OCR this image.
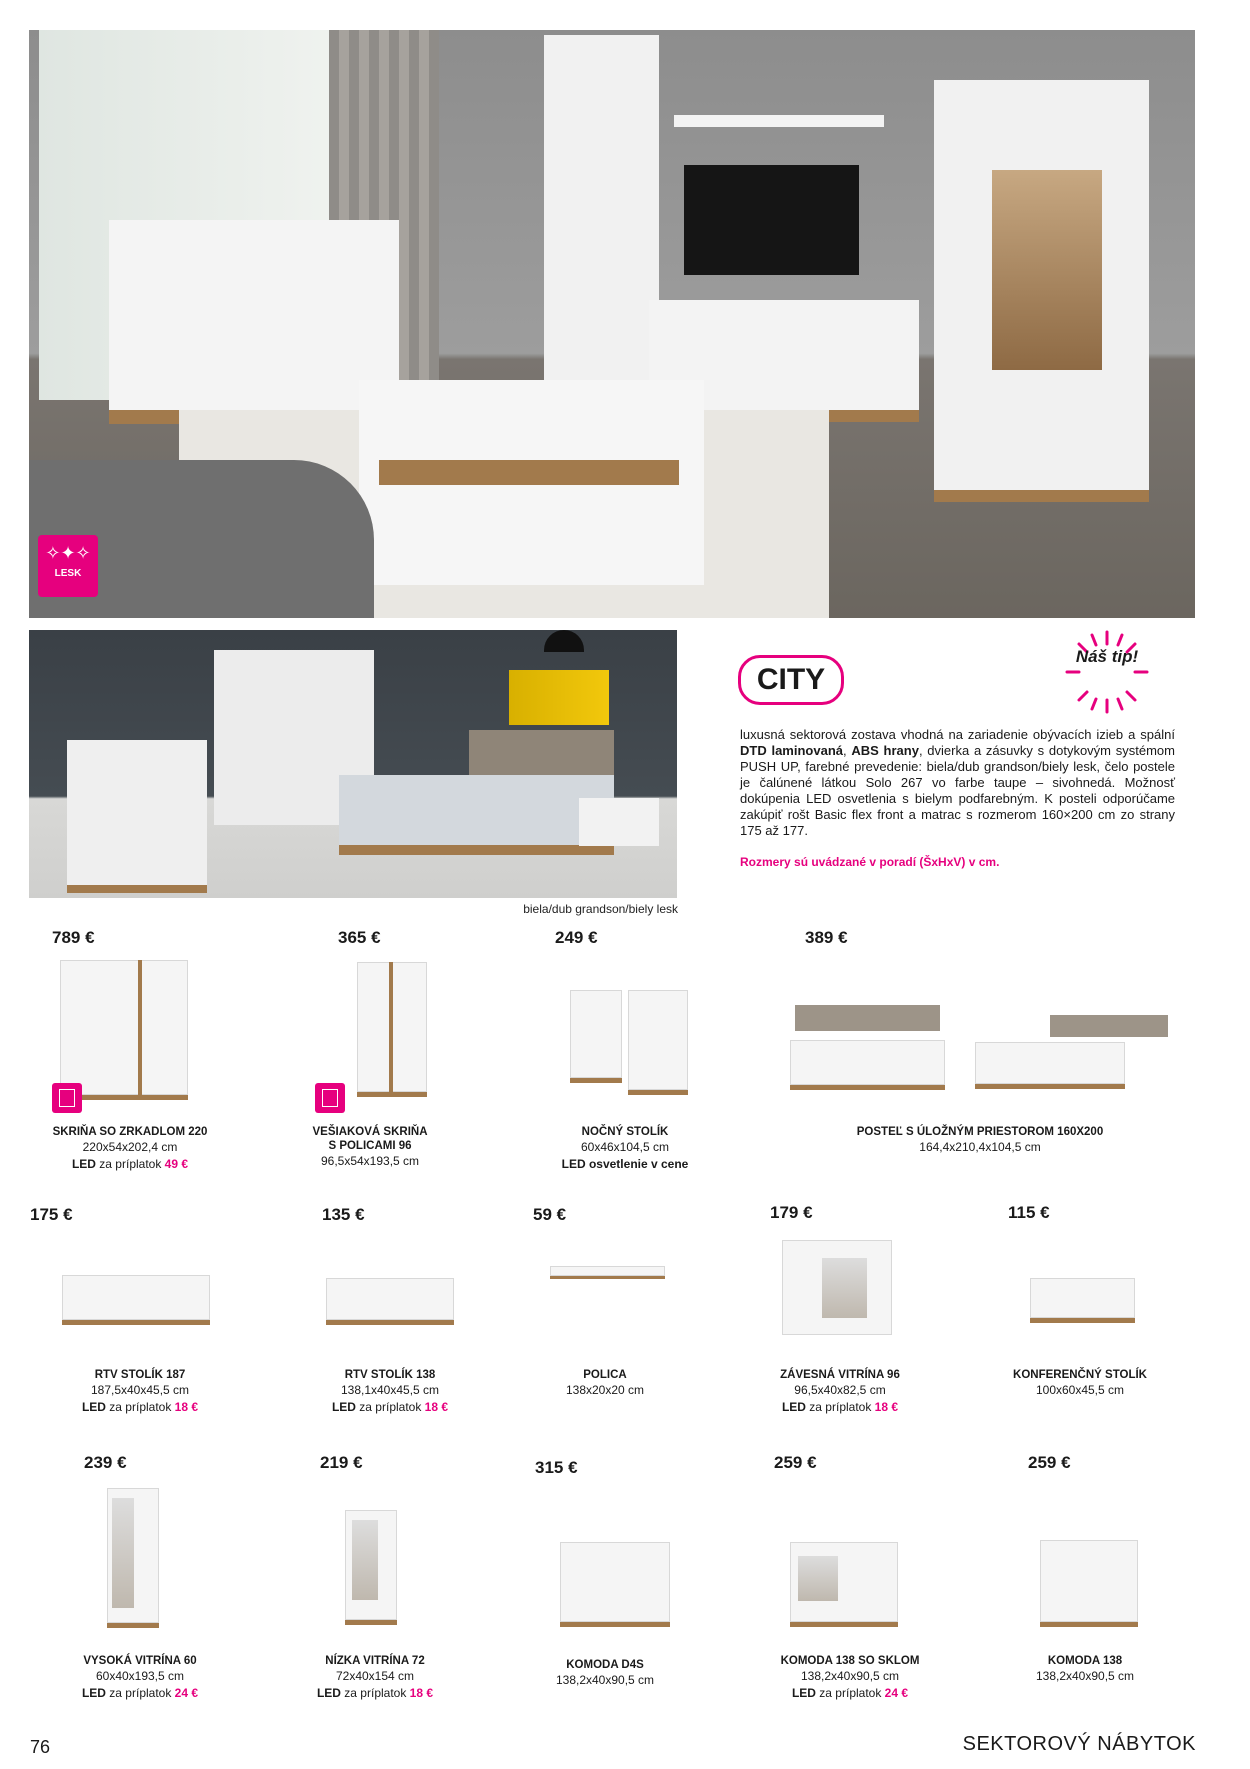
✧✦✧
LESK
biela/dub grandson/biely lesk
CITY
Náš tip!
luxusná sektorová zostava vhodná na zariadenie obývacích izieb a spální DTD laminovaná, ABS hrany, dvierka a zásuvky s dotykovým systémom PUSH UP, farebné prevedenie: biela/dub grandson/biely lesk, čelo postele je čalúnené látkou Solo 267 vo farbe taupe – sivohnedá. Možnosť dokúpenia LED osvetlenia s bielym podfarebným. K posteli odporúčame zakúpiť rošt Basic flex front a matrac s rozmerom 160×200 cm zo strany 175 až 177.
Rozmery sú uvádzané v poradí (ŠxHxV) v cm.
789 €
SKRIŇA SO ZRKADLOM 220
220x54x202,4 cm
LED za príplatok 49 €
365 €
VEŠIAKOVÁ SKRIŇA
S POLICAMI 96
96,5x54x193,5 cm
249 €
NOČNÝ STOLÍK
60x46x104,5 cm
LED osvetlenie v cene
389 €
POSTEĽ S ÚLOŽNÝM PRIESTOROM 160X200
164,4x210,4x104,5 cm
175 €
RTV STOLÍK 187
187,5x40x45,5 cm
LED za príplatok 18 €
135 €
RTV STOLÍK 138
138,1x40x45,5 cm
LED za príplatok 18 €
59 €
POLICA
138x20x20 cm
179 €
ZÁVESNÁ VITRÍNA 96
96,5x40x82,5 cm
LED za príplatok 18 €
115 €
KONFERENČNÝ STOLÍK
100x60x45,5 cm
239 €
VYSOKÁ VITRÍNA 60
60x40x193,5 cm
LED za príplatok 24 €
219 €
NÍZKA VITRÍNA 72
72x40x154 cm
LED za príplatok 18 €
315 €
KOMODA D4S
138,2x40x90,5 cm
259 €
KOMODA 138 SO SKLOM
138,2x40x90,5 cm
LED za príplatok 24 €
259 €
KOMODA 138
138,2x40x90,5 cm
76	SEKTOROVÝ NÁBYTOK
